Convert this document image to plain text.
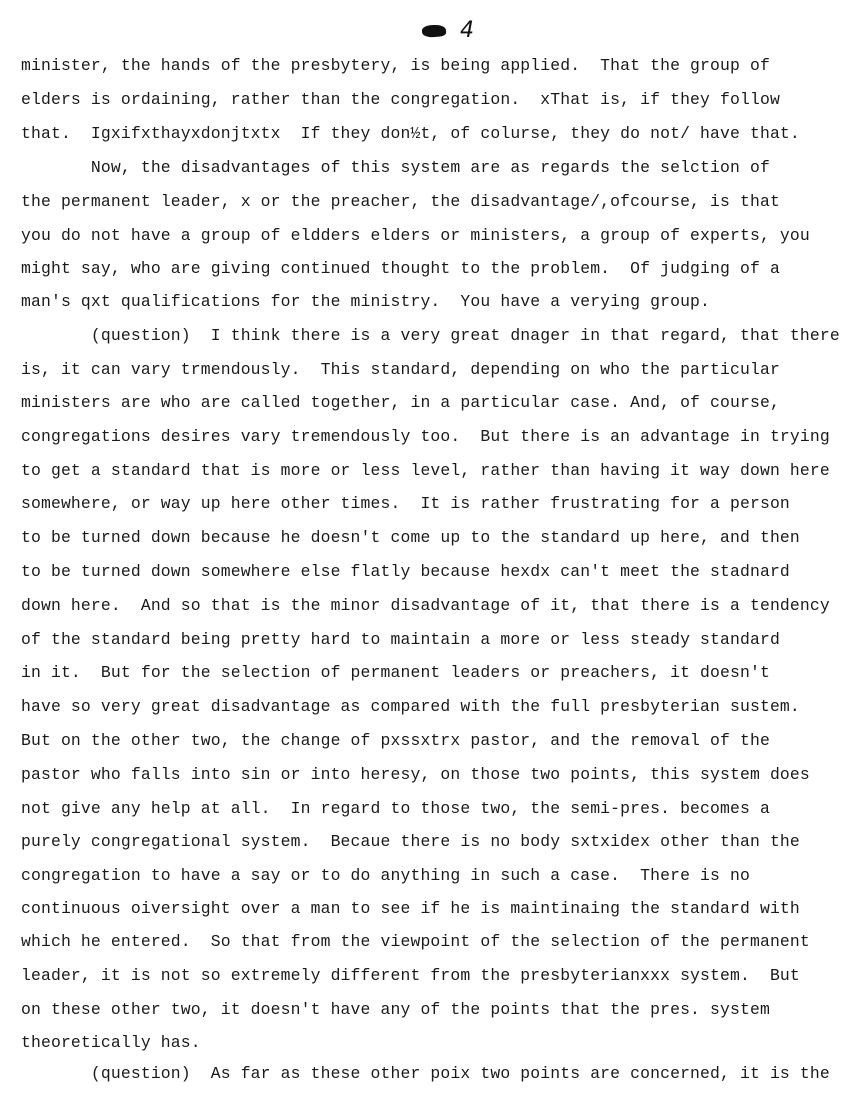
4
minister, the hands of the presbytery, is being applied.  That the group of
elders is ordaining, rather than the congregation.  xThat is, if they follow
that.  Igxifxthayxdonjtxtx  If they don½t, of colurse, they do not/ have that.
Now, the disadvantages of this system are as regards the selction of
the permanent leader, x or the preacher, the disadvantage/,ofcourse, is that
you do not have a group of eldders elders or ministers, a group of experts, you
might say, who are giving continued thought to the problem.  Of judging of a
man's qxt qualifications for the ministry.  You have a verying group.
(question)  I think there is a very great dnager in that regard, that there
is, it can vary trmendously.  This standard, depending on who the particular
ministers are who are called together, in a particular case. And, of course,
congregations desires vary tremendously too.  But there is an advantage in trying
to get a standard that is more or less level, rather than having it way down here
somewhere, or way up here other times.  It is rather frustrating for a person
to be turned down because he doesn't come up to the standard up here, and then
to be turned down somewhere else flatly because hexdx can't meet the stadnard
down here.  And so that is the minor disadvantage of it, that there is a tendency
of the standard being pretty hard to maintain a more or less steady standard
in it.  But for the selection of permanent leaders or preachers, it doesn't
have so very great disadvantage as compared with the full presbyterian sustem.
But on the other two, the change of pxssxtrx pastor, and the removal of the
pastor who falls into sin or into heresy, on those two points, this system does
not give any help at all.  In regard to those two, the semi-pres. becomes a
purely congregational system.  Becaue there is no body sxtxidex other than the
congregation to have a say or to do anything in such a case.  There is no
continuous oiversight over a man to see if he is maintinaing the standard with
which he entered.  So that from the viewpoint of the selection of the permanent
leader, it is not so extremely different from the presbyterianxxx system.  But
on these other two, it doesn't have any of the points that the pres. system
theoretically has.
(question)  As far as these other poix two points are concerned, it is the
